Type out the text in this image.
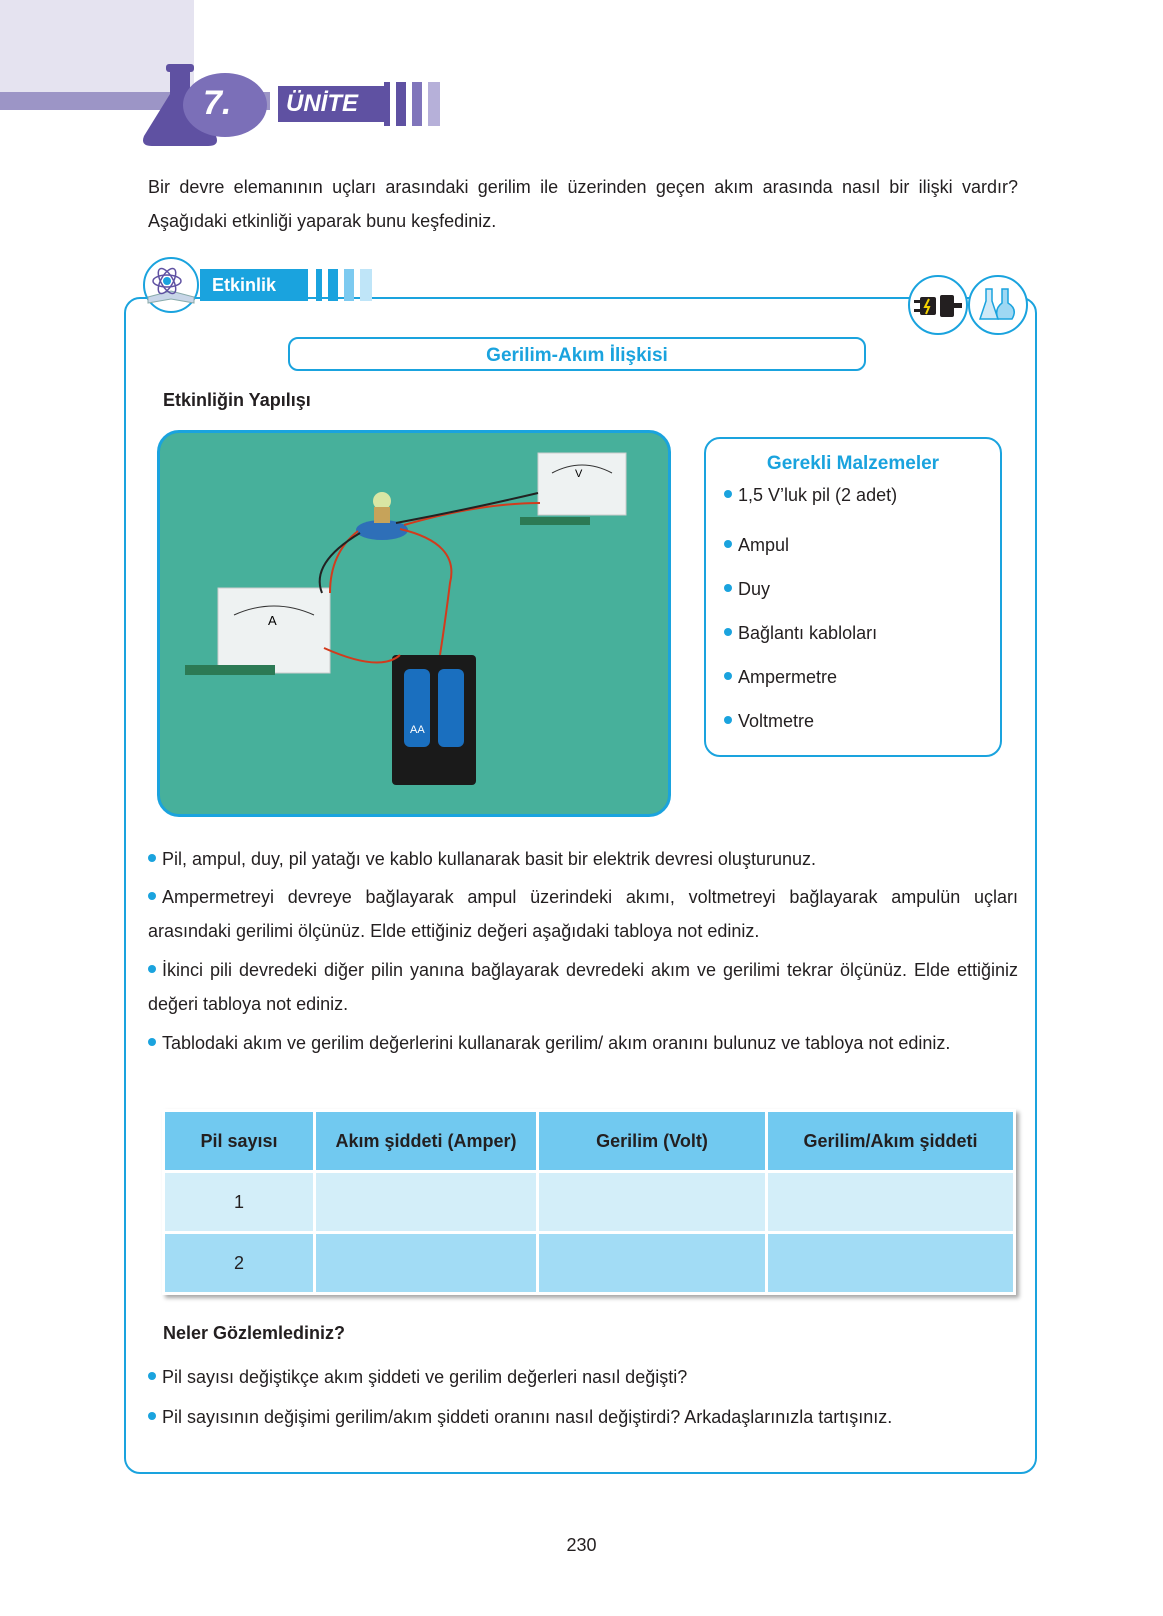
7.	ÜNİTE
Bir devre elemanının uçları arasındaki gerilim ile üzerinden geçen akım arasında nasıl bir ilişki vardır? Aşağıdaki etkinliği yaparak bunu keşfediniz.
Etkinlik
Gerilim-Akım İlişkisi
Etkinliğin Yapılışı
V
A
AA
Gerekli Malzemeler
1,5 V’luk pil (2 adet)
Ampul
Duy
Bağlantı kabloları
Ampermetre
Voltmetre
Pil, ampul, duy, pil yatağı ve kablo kullanarak basit bir elektrik devresi oluşturunuz.
Ampermetreyi devreye bağlayarak ampul üzerindeki akımı, voltmetreyi bağlayarak ampulün uçları arasındaki gerilimi ölçünüz. Elde ettiğiniz değeri aşağıdaki tabloya not ediniz.
İkinci pili devredeki diğer pilin yanına bağlayarak devredeki akım ve gerilimi tekrar ölçünüz. Elde ettiğiniz değeri tabloya not ediniz.
Tablodaki akım ve gerilim değerlerini kullanarak gerilim/ akım oranını bulunuz ve tabloya not ediniz.
Pil sayısı	Akım şiddeti (Amper)	Gerilim (Volt)	Gerilim/Akım şiddeti
1			
2			
Neler Gözlemlediniz?
Pil sayısı değiştikçe akım şiddeti ve gerilim değerleri nasıl değişti?
Pil sayısının değişimi gerilim/akım şiddeti oranını nasıl değiştirdi? Arkadaşlarınızla tartışınız.
230
